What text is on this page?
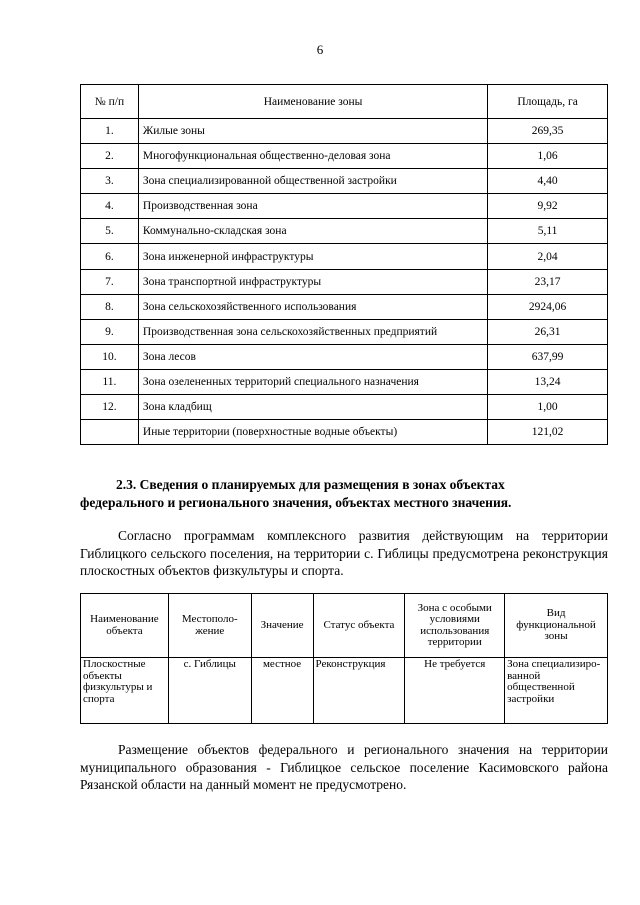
6
№ п/п	Наименование зоны	Площадь, га
1.	Жилые зоны	269,35
2.	Многофункциональная общественно-деловая зона	1,06
3.	Зона специализированной общественной застройки	4,40
4.	Производственная зона	9,92
5.	Коммунально-складская зона	5,11
6.	Зона инженерной инфраструктуры	2,04
7.	Зона транспортной инфраструктуры	23,17
8.	Зона сельскохозяйственного использования	2924,06
9.	Производственная зона сельскохозяйственных предприятий	26,31
10.	Зона лесов	637,99
11.	Зона озелененных территорий специального назначения	13,24
12.	Зона кладбищ	1,00
	Иные территории (поверхностные водные объекты)	121,02
2.3. Сведения о планируемых для размещения в зонах объектах
федерального и регионального значения, объектах местного значения.

Согласно программам комплексного развития действующим на территории Гиблицкого сельского поселения, на территории с. Гиблицы предусмотрена реконструкция плоскостных объектов физкультуры и спорта.

Наименование объекта	Местополо-жение	Значение	Статус объекта	Зона с особыми условиями использования территории	Вид функциональной зоны
Плоскостные объекты физкультуры и спорта	с. Гиблицы	местное	Реконструкция	Не требуется	Зона специализиро-ванной общественной застройки

Размещение объектов федерального и регионального значения на территории муниципального образования - Гиблицкое сельское поселение Касимовского района Рязанской области на данный момент не предусмотрено.
